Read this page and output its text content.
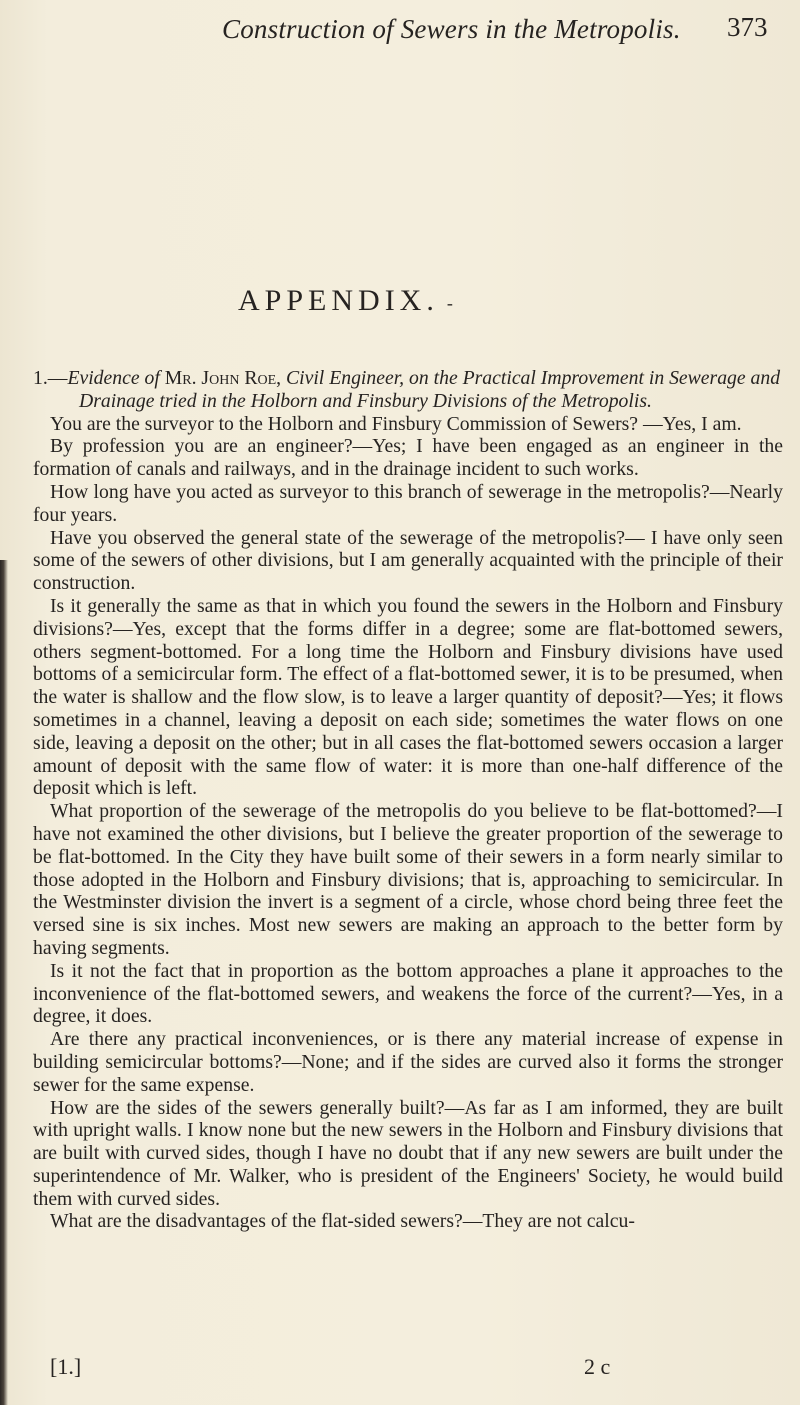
Construction of Sewers in the Metropolis. 373
APPENDIX. -

1.—Evidence of Mr. John Roe, Civil Engineer, on the Practical Improvement in Sewerage and Drainage tried in the Holborn and Finsbury Divisions of the Metropolis.

You are the surveyor to the Holborn and Finsbury Commission of Sewers? —Yes, I am.

By profession you are an engineer?—Yes; I have been engaged as an engineer in the formation of canals and railways, and in the drainage incident to such works.

How long have you acted as surveyor to this branch of sewerage in the metropolis?—Nearly four years.

Have you observed the general state of the sewerage of the metropolis?— I have only seen some of the sewers of other divisions, but I am generally acquainted with the principle of their construction.

Is it generally the same as that in which you found the sewers in the Holborn and Finsbury divisions?—Yes, except that the forms differ in a degree; some are flat-bottomed sewers, others segment-bottomed. For a long time the Holborn and Finsbury divisions have used bottoms of a semicircular form. The effect of a flat-bottomed sewer, it is to be presumed, when the water is shallow and the flow slow, is to leave a larger quantity of deposit?—Yes; it flows sometimes in a channel, leaving a deposit on each side; sometimes the water flows on one side, leaving a deposit on the other; but in all cases the flat-bottomed sewers occasion a larger amount of deposit with the same flow of water: it is more than one-half difference of the deposit which is left.

What proportion of the sewerage of the metropolis do you believe to be flat-bottomed?—I have not examined the other divisions, but I believe the greater proportion of the sewerage to be flat-bottomed. In the City they have built some of their sewers in a form nearly similar to those adopted in the Holborn and Finsbury divisions; that is, approaching to semicircular. In the Westminster division the invert is a segment of a circle, whose chord being three feet the versed sine is six inches. Most new sewers are making an approach to the better form by having segments.

Is it not the fact that in proportion as the bottom approaches a plane it approaches to the inconvenience of the flat-bottomed sewers, and weakens the force of the current?—Yes, in a degree, it does.

Are there any practical inconveniences, or is there any material increase of expense in building semicircular bottoms?—None; and if the sides are curved also it forms the stronger sewer for the same expense.

How are the sides of the sewers generally built?—As far as I am informed, they are built with upright walls. I know none but the new sewers in the Holborn and Finsbury divisions that are built with curved sides, though I have no doubt that if any new sewers are built under the superintendence of Mr. Walker, who is president of the Engineers' Society, he would build them with curved sides.

What are the disadvantages of the flat-sided sewers?—They are not calcu-

[1.]	2 c
